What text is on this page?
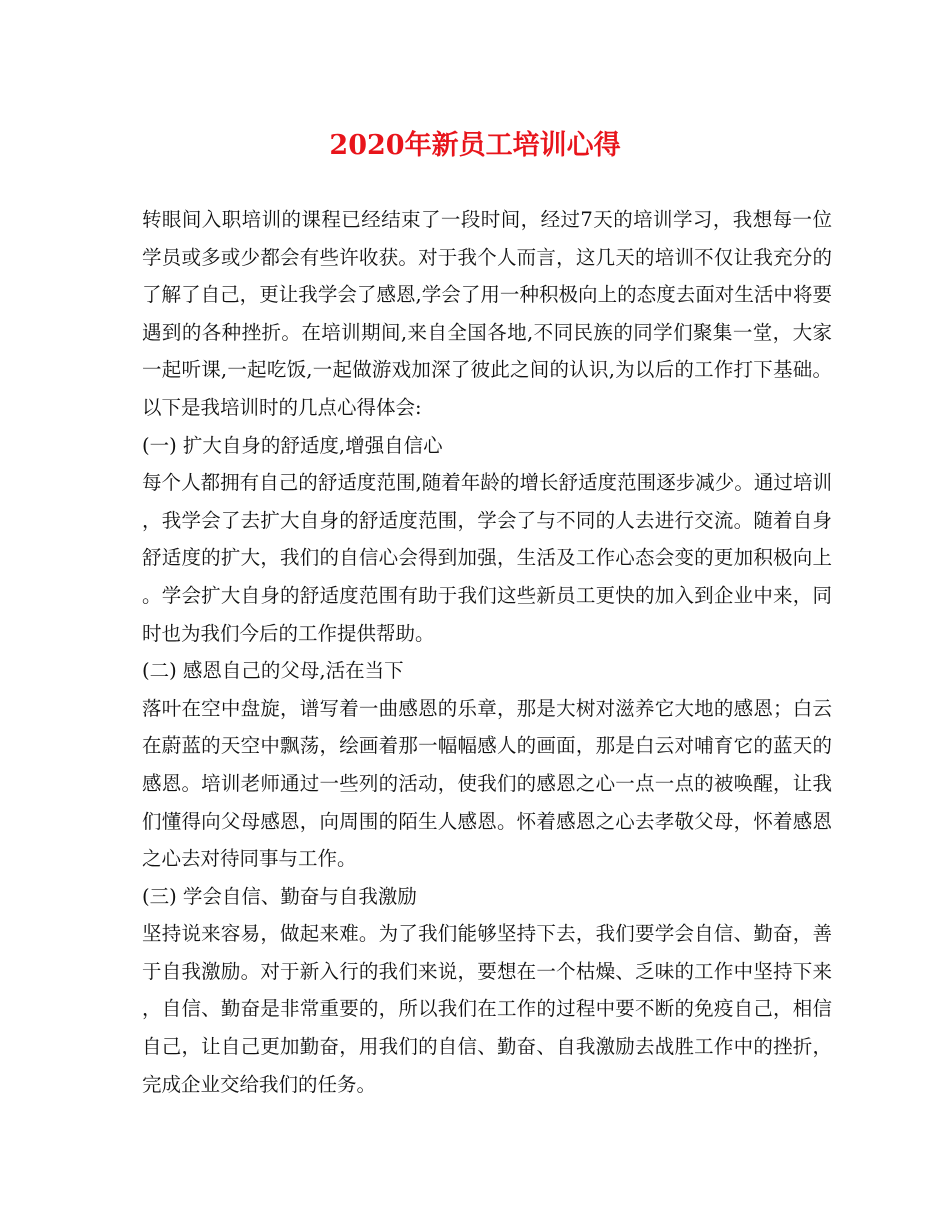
2020年新员工培训心得

转眼间入职培训的课程已经结束了一段时间，经过7天的培训学习，我想每一位学员或多或少都会有些许收获。对于我个人而言，这几天的培训不仅让我充分的了解了自己，更让我学会了感恩,学会了用一种积极向上的态度去面对生活中将要遇到的各种挫折。在培训期间,来自全国各地,不同民族的同学们聚集一堂，大家一起听课,一起吃饭,一起做游戏加深了彼此之间的认识,为以后的工作打下基础。以下是我培训时的几点心得体会:

(一) 扩大自身的舒适度,增强自信心

每个人都拥有自己的舒适度范围,随着年龄的增长舒适度范围逐步减少。通过培训，我学会了去扩大自身的舒适度范围，学会了与不同的人去进行交流。随着自身舒适度的扩大，我们的自信心会得到加强，生活及工作心态会变的更加积极向上。学会扩大自身的舒适度范围有助于我们这些新员工更快的加入到企业中来，同时也为我们今后的工作提供帮助。

(二) 感恩自己的父母,活在当下

落叶在空中盘旋，谱写着一曲感恩的乐章，那是大树对滋养它大地的感恩；白云在蔚蓝的天空中飘荡，绘画着那一幅幅感人的画面，那是白云对哺育它的蓝天的感恩。培训老师通过一些列的活动，使我们的感恩之心一点一点的被唤醒，让我们懂得向父母感恩，向周围的陌生人感恩。怀着感恩之心去孝敬父母，怀着感恩之心去对待同事与工作。

(三) 学会自信、勤奋与自我激励

坚持说来容易，做起来难。为了我们能够坚持下去，我们要学会自信、勤奋，善于自我激励。对于新入行的我们来说，要想在一个枯燥、乏味的工作中坚持下来，自信、勤奋是非常重要的，所以我们在工作的过程中要不断的免疫自己，相信自己，让自己更加勤奋，用我们的自信、勤奋、自我激励去战胜工作中的挫折，完成企业交给我们的任务。
